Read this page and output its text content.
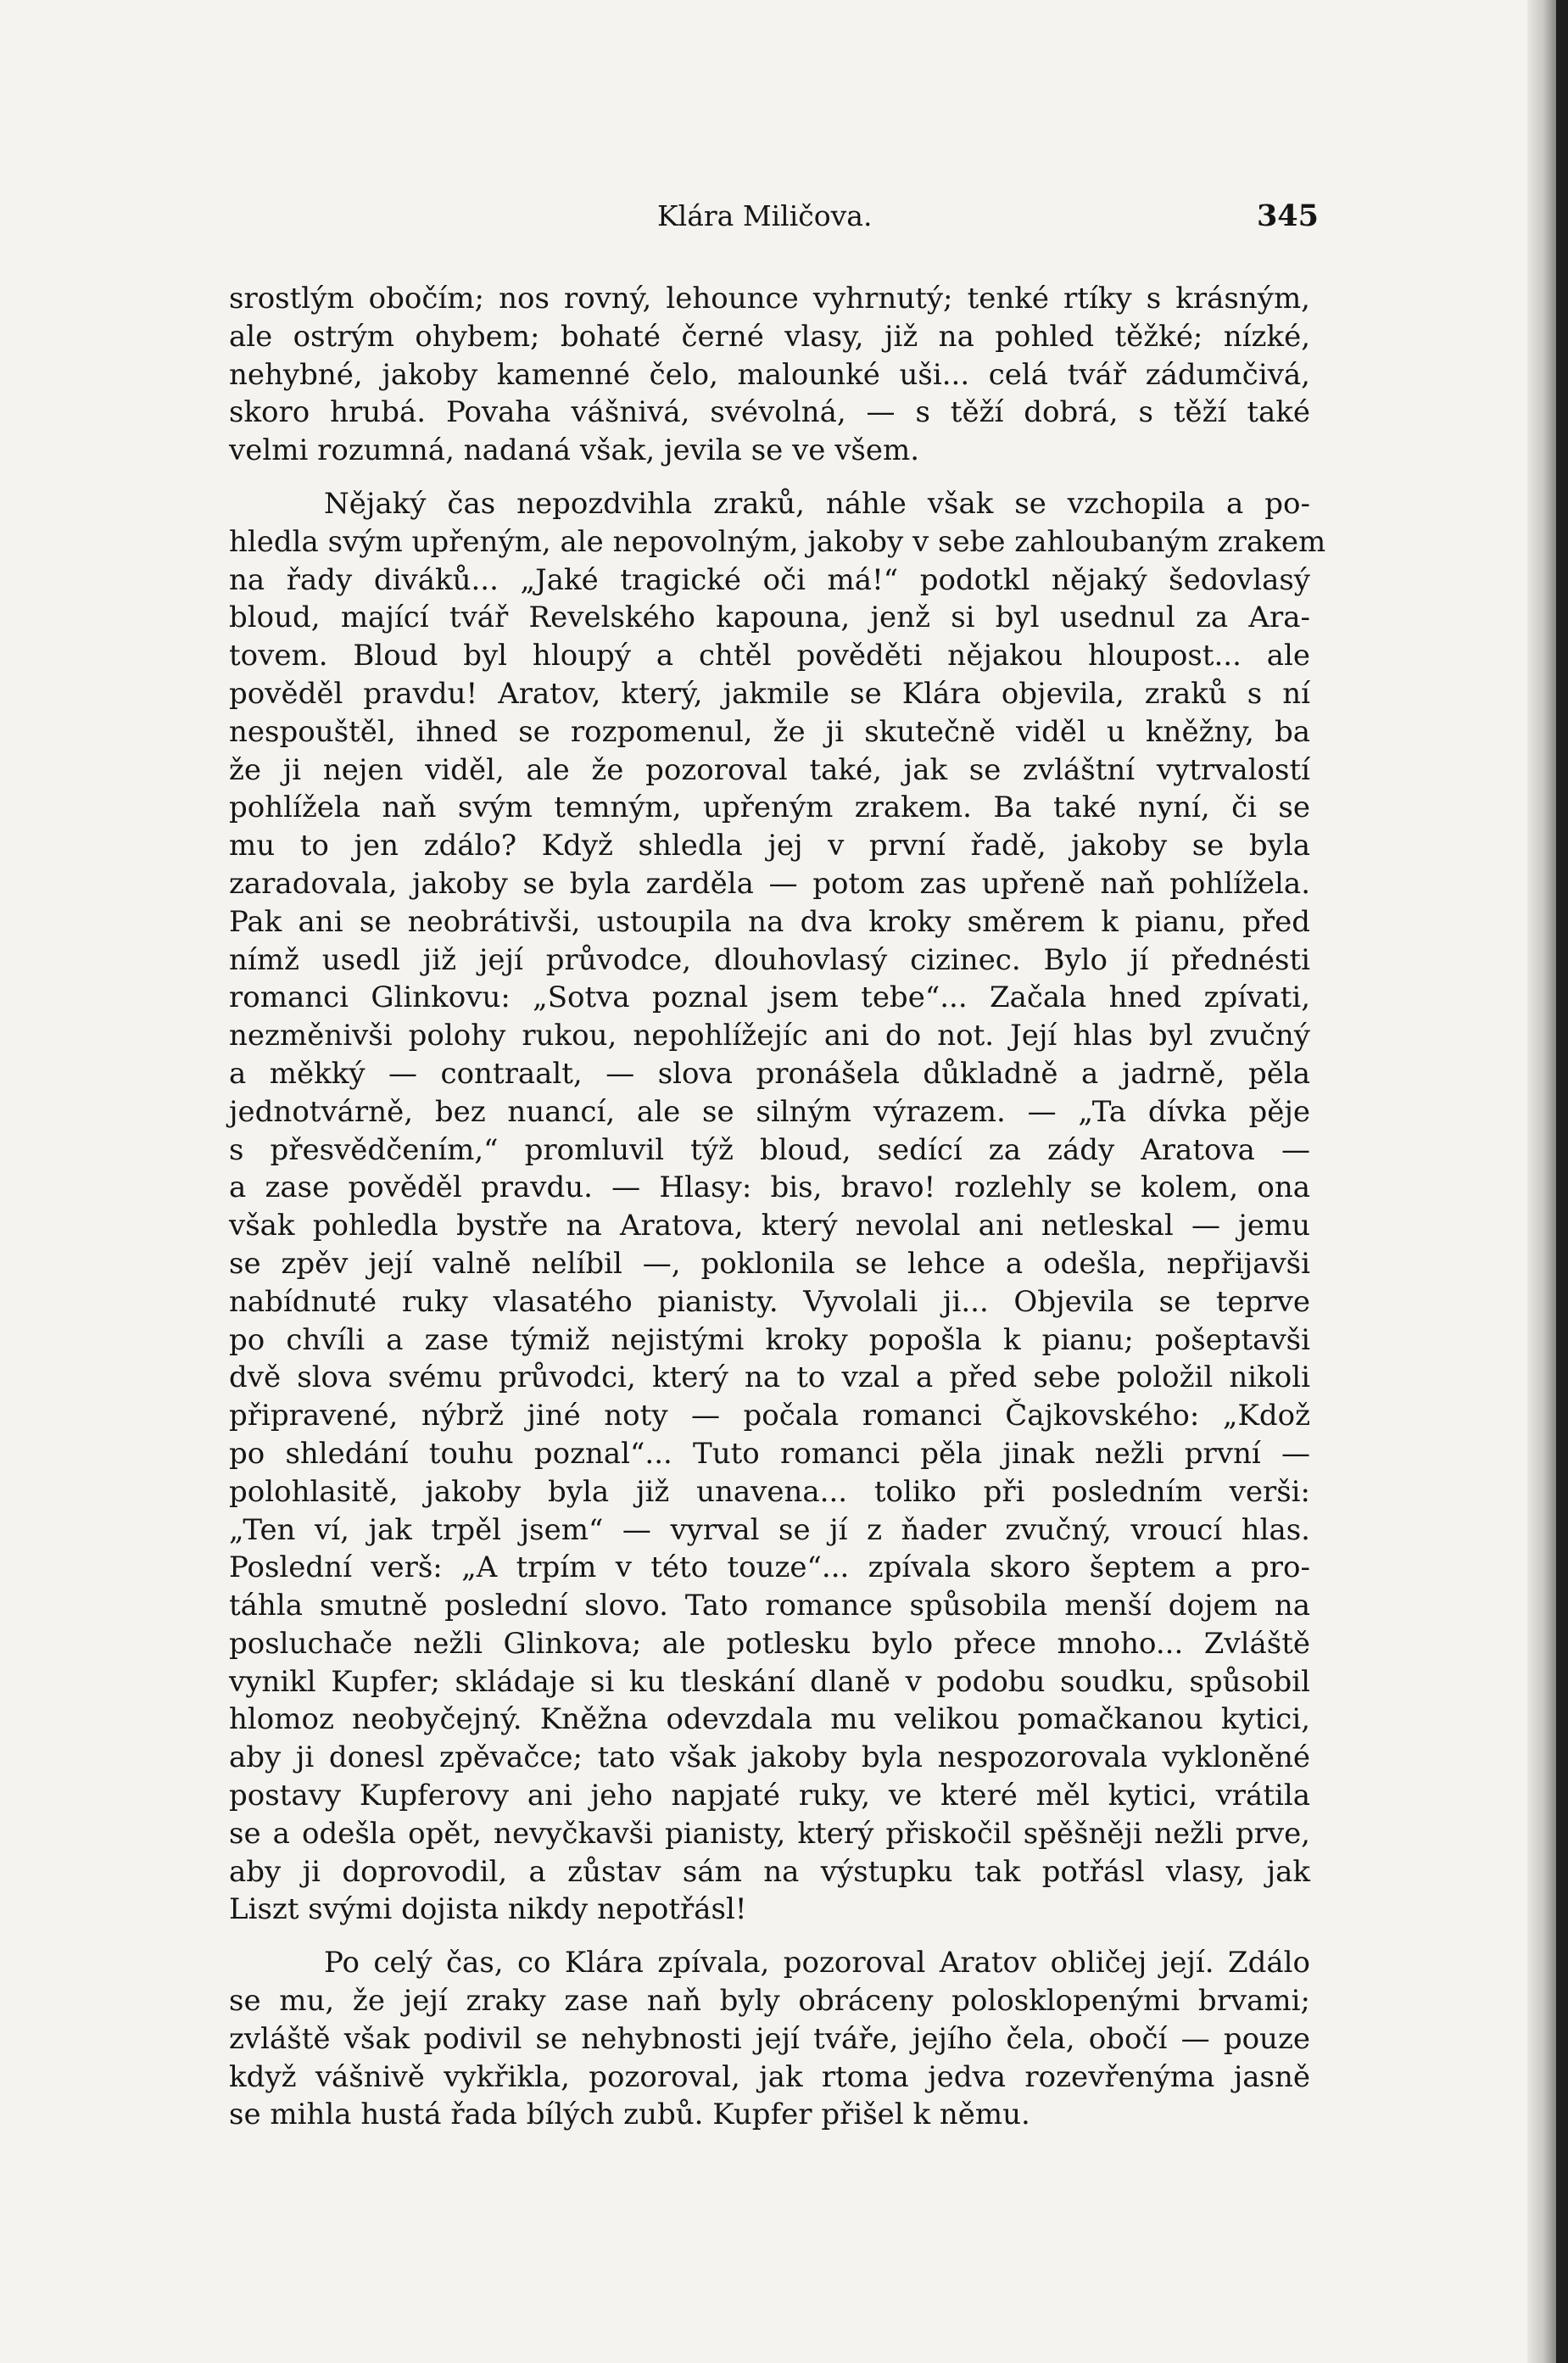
Klára Miličova.	345
srostlým obočím; nos rovný, lehounce vyhrnutý; tenké rtíky s krásným,
ale ostrým ohybem; bohaté černé vlasy, již na pohled těžké; nízké,
nehybné, jakoby kamenné čelo, malounké uši... celá tvář zádumčivá,
skoro hrubá. Povaha vášnivá, svévolná, — s těží dobrá, s těží také
velmi rozumná, nadaná však, jevila se ve všem.
Nějaký čas nepozdvihla zraků, náhle však se vzchopila a po-
hledla svým upřeným, ale nepovolným, jakoby v sebe zahloubaným zrakem
na řady diváků... „Jaké tragické oči má!“ podotkl nějaký šedovlasý
bloud, mající tvář Revelského kapouna, jenž si byl usednul za Ara-
tovem. Bloud byl hloupý a chtěl pověděti nějakou hloupost... ale
pověděl pravdu! Aratov, který, jakmile se Klára objevila, zraků s ní
nespouštěl, ihned se rozpomenul, že ji skutečně viděl u kněžny, ba
že ji nejen viděl, ale že pozoroval také, jak se zvláštní vytrvalostí
pohlížela naň svým temným, upřeným zrakem. Ba také nyní, či se
mu to jen zdálo? Když shledla jej v první řadě, jakoby se byla
zaradovala, jakoby se byla zarděla — potom zas upřeně naň pohlížela.
Pak ani se neobrátivši, ustoupila na dva kroky směrem k pianu, před
nímž usedl již její průvodce, dlouhovlasý cizinec. Bylo jí přednésti
romanci Glinkovu: „Sotva poznal jsem tebe“... Začala hned zpívati,
nezměnivši polohy rukou, nepohlížejíc ani do not. Její hlas byl zvučný
a měkký — contraalt, — slova pronášela důkladně a jadrně, pěla
jednotvárně, bez nuancí, ale se silným výrazem. — „Ta dívka pěje
s přesvědčením,“ promluvil týž bloud, sedící za zády Aratova —
a zase pověděl pravdu. — Hlasy: bis, bravo! rozlehly se kolem, ona
však pohledla bystře na Aratova, který nevolal ani netleskal — jemu
se zpěv její valně nelíbil —, poklonila se lehce a odešla, nepřijavši
nabídnuté ruky vlasatého pianisty. Vyvolali ji... Objevila se teprve
po chvíli a zase týmiž nejistými kroky popošla k pianu; pošeptavši
dvě slova svému průvodci, který na to vzal a před sebe položil nikoli
připravené, nýbrž jiné noty — počala romanci Čajkovského: „Kdož
po shledání touhu poznal“... Tuto romanci pěla jinak nežli první —
polohlasitě, jakoby byla již unavena... toliko při posledním verši:
„Ten ví, jak trpěl jsem“ — vyrval se jí z ňader zvučný, vroucí hlas.
Poslední verš: „A trpím v této touze“... zpívala skoro šeptem a pro-
táhla smutně poslední slovo. Tato romance spůsobila menší dojem na
posluchače nežli Glinkova; ale potlesku bylo přece mnoho... Zvláště
vynikl Kupfer; skládaje si ku tleskání dlaně v podobu soudku, spůsobil
hlomoz neobyčejný. Kněžna odevzdala mu velikou pomačkanou kytici,
aby ji donesl zpěvačce; tato však jakoby byla nespozorovala vykloněné
postavy Kupferovy ani jeho napjaté ruky, ve které měl kytici, vrátila
se a odešla opět, nevyčkavši pianisty, který přiskočil spěšněji nežli prve,
aby ji doprovodil, a zůstav sám na výstupku tak potřásl vlasy, jak
Liszt svými dojista nikdy nepotřásl!
Po celý čas, co Klára zpívala, pozoroval Aratov obličej její. Zdálo
se mu, že její zraky zase naň byly obráceny polosklopenými brvami;
zvláště však podivil se nehybnosti její tváře, jejího čela, obočí — pouze
když vášnivě vykřikla, pozoroval, jak rtoma jedva rozevřenýma jasně
se mihla hustá řada bílých zubů. Kupfer přišel k němu.
